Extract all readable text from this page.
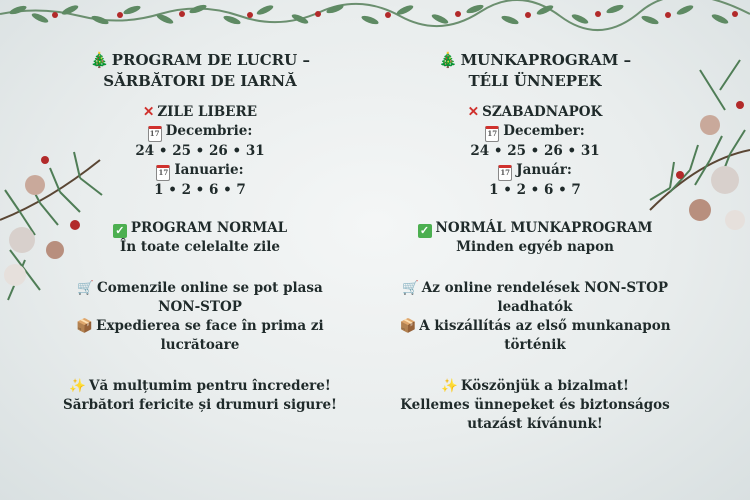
🎄 PROGRAM DE LUCRU –
SĂRBĂTORI DE IARNĂ
✕ ZILE LIBERE
17 Decembrie:
24 • 25 • 26 • 31
17 Ianuarie:
1 • 2 • 6 • 7
✓ PROGRAM NORMAL
În toate celelalte zile
🛒 Comenzile online se pot plasa
NON-STOP
📦 Expedierea se face în prima zi
lucrătoare
✨ Vă mulțumim pentru încredere!
Sărbători fericite și drumuri sigure!
🎄 MUNKAPROGRAM –
TÉLI ÜNNEPEK
✕ SZABADNAPOK
17 December:
24 • 25 • 26 • 31
17 Január:
1 • 2 • 6 • 7
✓ NORMÁL MUNKAPROGRAM
Minden egyéb napon
🛒 Az online rendelések NON-STOP
leadhatók
📦 A kiszállítás az első munkanapon
történik
✨ Köszönjük a bizalmat!
Kellemes ünnepeket és biztonságos
utazást kívánunk!
